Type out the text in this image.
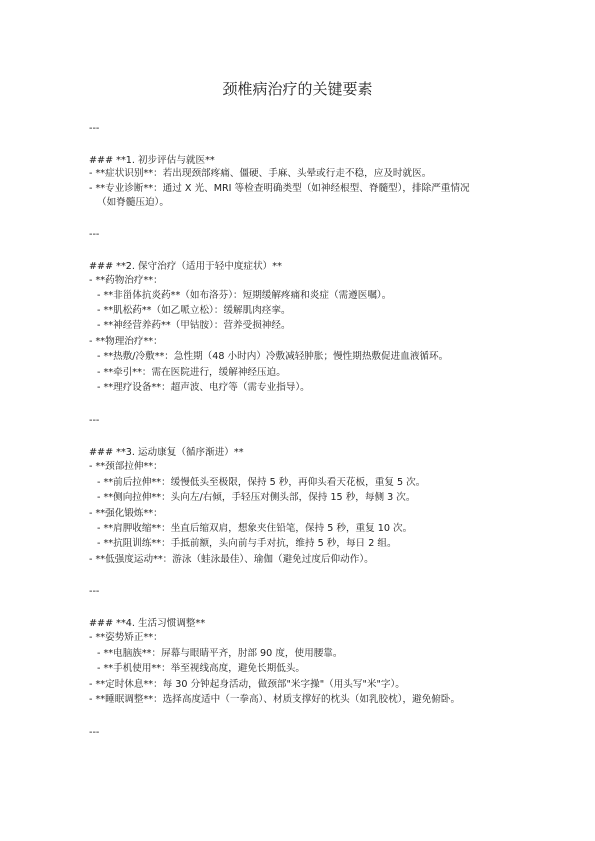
颈椎病治疗的关键要素
---
### **1. 初步评估与就医**
- **症状识别**：若出现颈部疼痛、僵硬、手麻、头晕或行走不稳，应及时就医。
- **专业诊断**：通过 X 光、MRI 等检查明确类型（如神经根型、脊髓型），排除严重情况
（如脊髓压迫）。
---
### **2. 保守治疗（适用于轻中度症状）**
- **药物治疗**：
- **非甾体抗炎药**（如布洛芬）：短期缓解疼痛和炎症（需遵医嘱）。
- **肌松药**（如乙哌立松）：缓解肌肉痉挛。
- **神经营养药**（甲钴胺）：营养受损神经。
- **物理治疗**：
- **热敷/冷敷**：急性期（48 小时内）冷敷减轻肿胀；慢性期热敷促进血液循环。
- **牵引**：需在医院进行，缓解神经压迫。
- **理疗设备**：超声波、电疗等（需专业指导）。
---
### **3. 运动康复（循序渐进）**
- **颈部拉伸**：
- **前后拉伸**：缓慢低头至极限，保持 5 秒，再仰头看天花板，重复 5 次。
- **侧向拉伸**：头向左/右倾，手轻压对侧头部，保持 15 秒，每侧 3 次。
- **强化锻炼**：
- **肩胛收缩**：坐直后缩双肩，想象夹住铅笔，保持 5 秒，重复 10 次。
- **抗阻训练**：手抵前额，头向前与手对抗，维持 5 秒，每日 2 组。
- **低强度运动**：游泳（蛙泳最佳）、瑜伽（避免过度后仰动作）。
---
### **4. 生活习惯调整**
- **姿势矫正**：
- **电脑族**：屏幕与眼睛平齐，肘部 90 度，使用腰靠。
- **手机使用**：举至视线高度，避免长期低头。
- **定时休息**：每 30 分钟起身活动，做颈部"米字操"（用头写"米"字）。
- **睡眠调整**：选择高度适中（一拳高）、材质支撑好的枕头（如乳胶枕），避免俯卧。
---
